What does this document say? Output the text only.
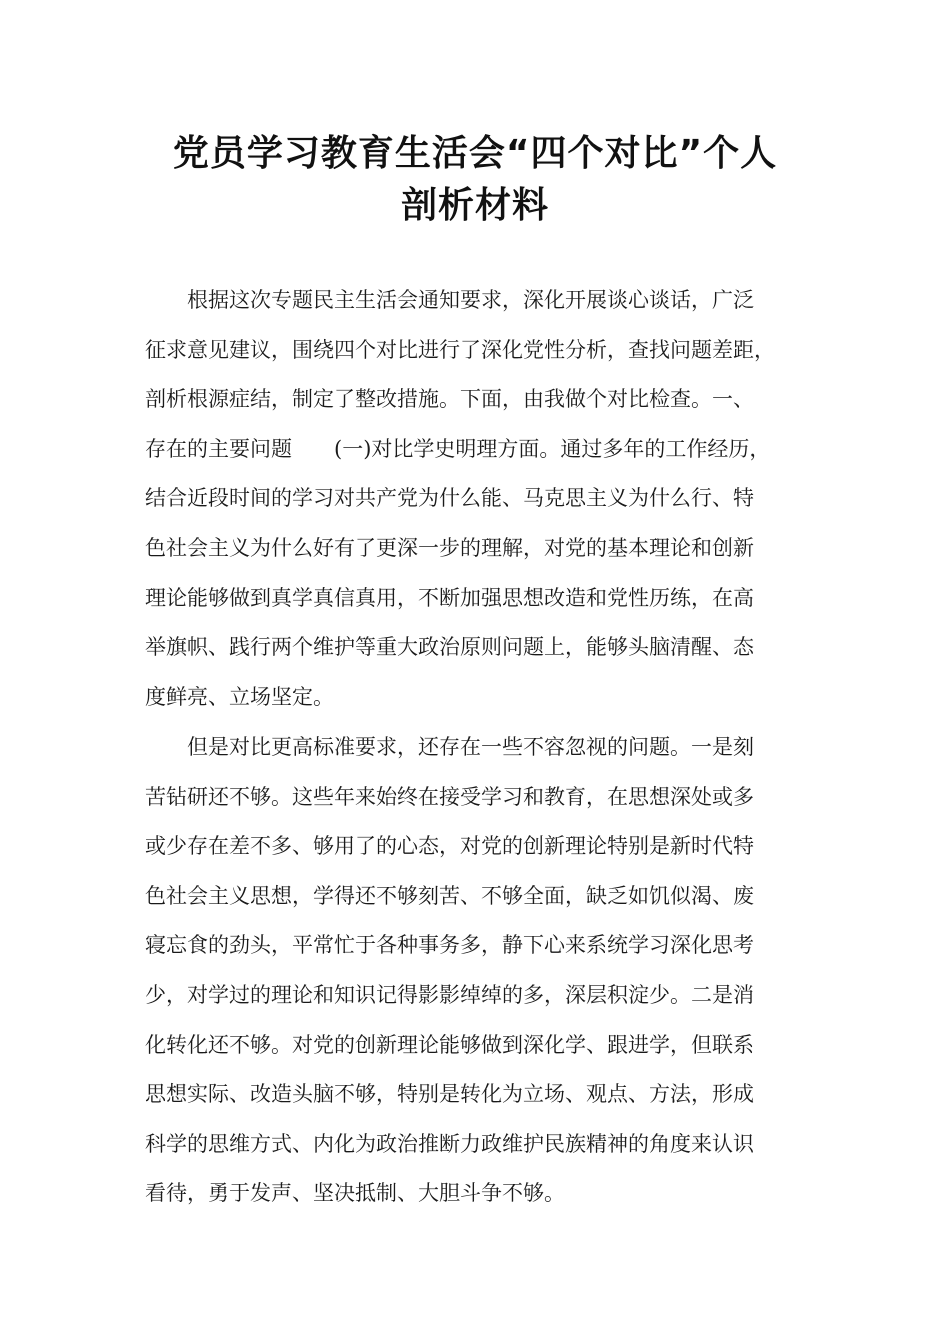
党员学习教育生活会“四个对比”个人
剖析材料
　　根据这次专题民主生活会通知要求，深化开展谈心谈话，广泛
征求意见建议，围绕四个对比进行了深化党性分析，查找问题差距，
剖析根源症结，制定了整改措施。下面，由我做个对比检查。一、
存在的主要问题　　(一)对比学史明理方面。通过多年的工作经历，
结合近段时间的学习对共产党为什么能、马克思主义为什么行、特
色社会主义为什么好有了更深一步的理解，对党的基本理论和创新
理论能够做到真学真信真用，不断加强思想改造和党性历练，在高
举旗帜、践行两个维护等重大政治原则问题上，能够头脑清醒、态
度鲜亮、立场坚定。
　　但是对比更高标准要求，还存在一些不容忽视的问题。一是刻
苦钻研还不够。这些年来始终在接受学习和教育，在思想深处或多
或少存在差不多、够用了的心态，对党的创新理论特别是新时代特
色社会主义思想，学得还不够刻苦、不够全面，缺乏如饥似渴、废
寝忘食的劲头，平常忙于各种事务多，静下心来系统学习深化思考
少，对学过的理论和知识记得影影绰绰的多，深层积淀少。二是消
化转化还不够。对党的创新理论能够做到深化学、跟进学，但联系
思想实际、改造头脑不够，特别是转化为立场、观点、方法，形成
科学的思维方式、内化为政治推断力政维护民族精神的角度来认识
看待，勇于发声、坚决抵制、大胆斗争不够。
